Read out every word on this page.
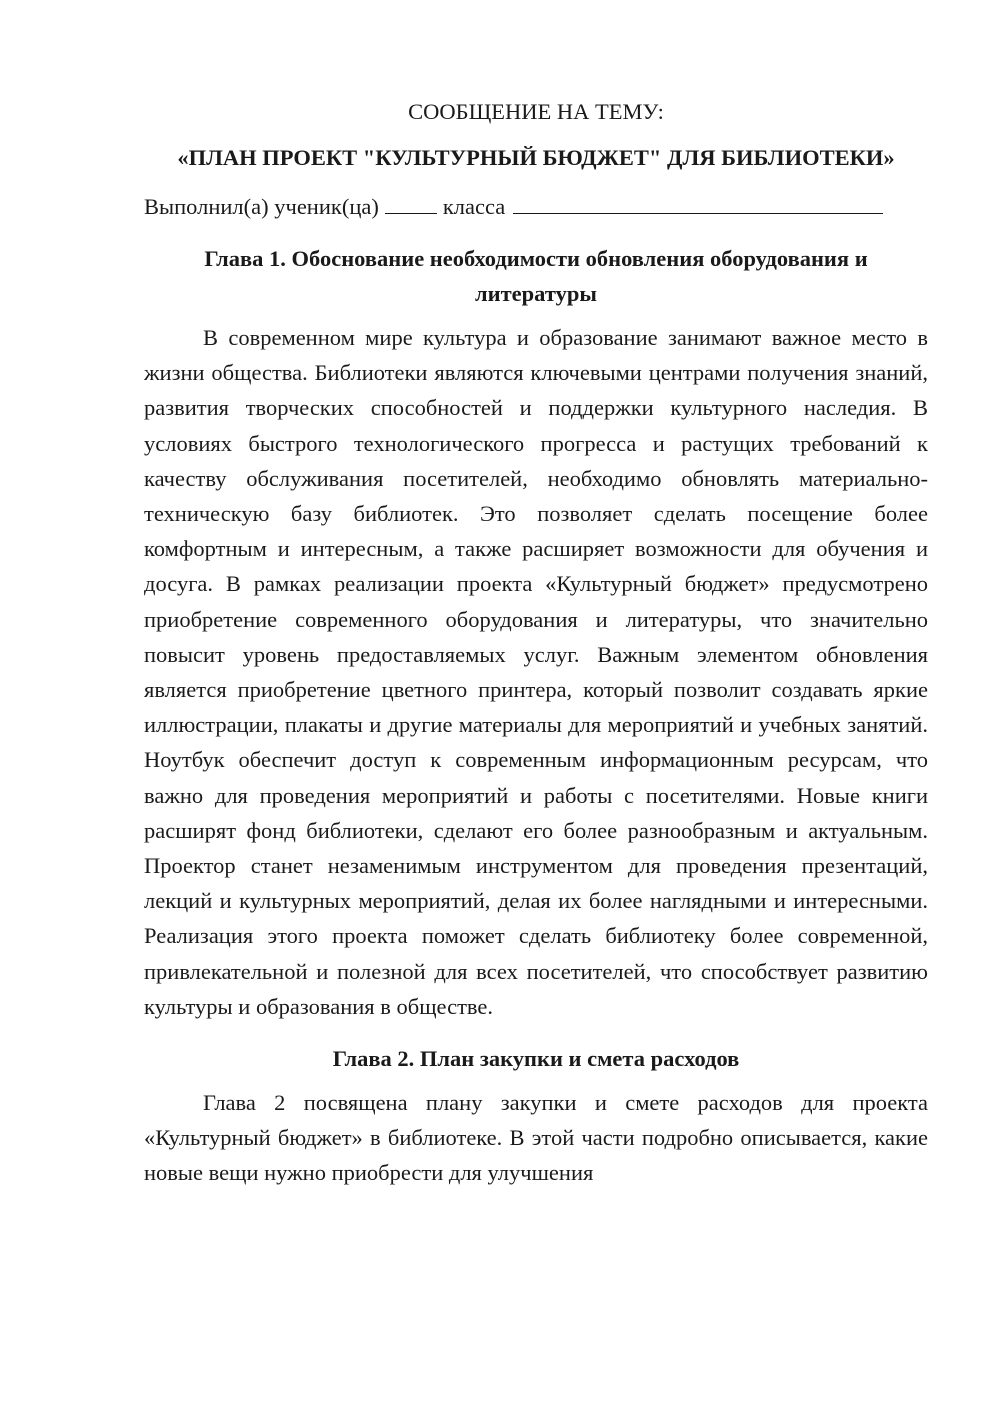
СООБЩЕНИЕ НА ТЕМУ:

«ПЛАН ПРОЕКТ "КУЛЬТУРНЫЙ БЮДЖЕТ" ДЛЯ БИБЛИОТЕКИ»

Выполнил(а) ученик(ца)	класса

Глава 1. Обоснование необходимости обновления оборудования и литературы

В современном мире культура и образование занимают важное место в жизни общества. Библиотеки являются ключевыми центрами получения знаний, развития творческих способностей и поддержки культурного наследия. В условиях быстрого технологического прогресса и растущих требований к качеству обслуживания посетителей, необходимо обновлять материально-техническую базу библиотек. Это позволяет сделать посещение более комфортным и интересным, а также расширяет возможности для обучения и досуга. В рамках реализации проекта «Культурный бюджет» предусмотрено приобретение современного оборудования и литературы, что значительно повысит уровень предоставляемых услуг. Важным элементом обновления является приобретение цветного принтера, который позволит создавать яркие иллюстрации, плакаты и другие материалы для мероприятий и учебных занятий. Ноутбук обеспечит доступ к современным информационным ресурсам, что важно для проведения мероприятий и работы с посетителями. Новые книги расширят фонд библиотеки, сделают его более разнообразным и актуальным. Проектор станет незаменимым инструментом для проведения презентаций, лекций и культурных мероприятий, делая их более наглядными и интересными. Реализация этого проекта поможет сделать библиотеку более современной, привлекательной и полезной для всех посетителей, что способствует развитию культуры и образования в обществе.

Глава 2. План закупки и смета расходов

Глава 2 посвящена плану закупки и смете расходов для проекта «Культурный бюджет» в библиотеке. В этой части подробно описывается, какие новые вещи нужно приобрести для улучшения
